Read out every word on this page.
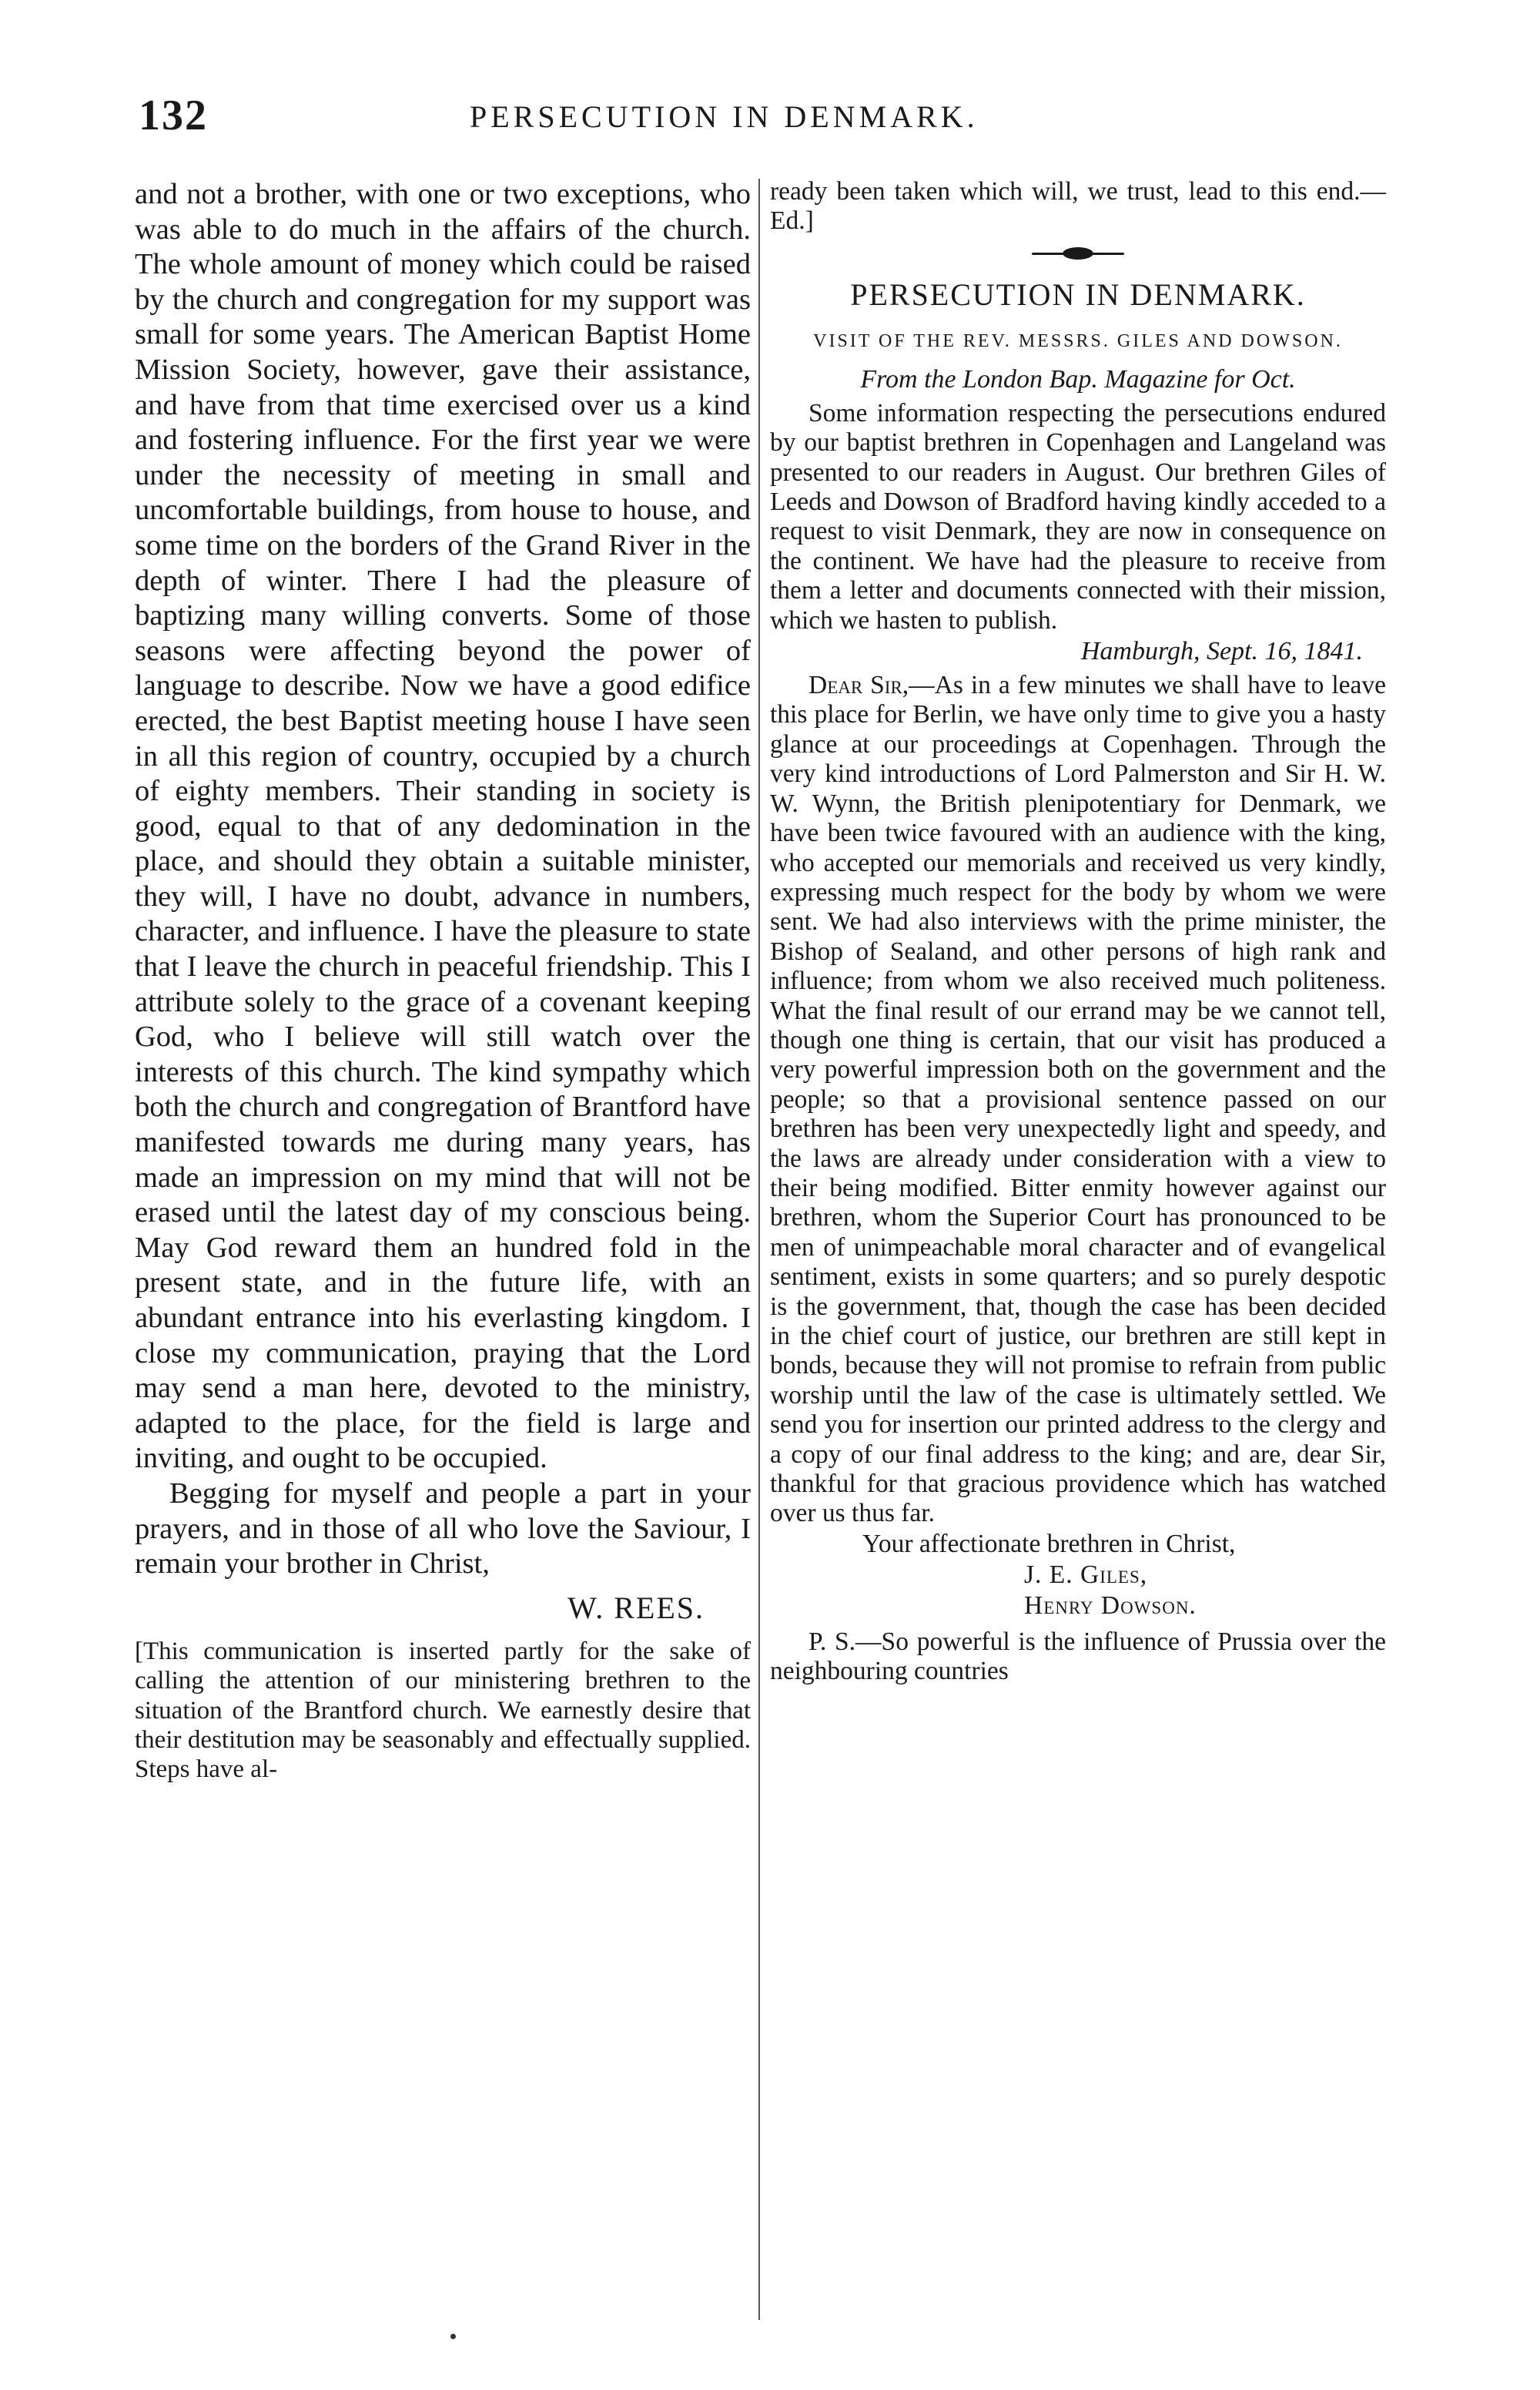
132	PERSECUTION IN DENMARK.

and not a brother, with one or two exceptions, who was able to do much in the affairs of the church. The whole amount of money which could be raised by the church and congregation for my support was small for some years. The American Baptist Home Mission Society, however, gave their assistance, and have from that time exercised over us a kind and fostering influence. For the first year we were under the necessity of meeting in small and uncomfortable buildings, from house to house, and some time on the borders of the Grand River in the depth of winter. There I had the pleasure of baptizing many willing converts. Some of those seasons were affecting beyond the power of language to describe. Now we have a good edifice erected, the best Baptist meeting house I have seen in all this region of country, occupied by a church of eighty members. Their standing in society is good, equal to that of any dedomination in the place, and should they obtain a suitable minister, they will, I have no doubt, advance in numbers, character, and influence. I have the pleasure to state that I leave the church in peaceful friendship. This I attribute solely to the grace of a covenant keeping God, who I believe will still watch over the interests of this church. The kind sympathy which both the church and congregation of Brantford have manifested towards me during many years, has made an impression on my mind that will not be erased until the latest day of my conscious being. May God reward them an hundred fold in the present state, and in the future life, with an abundant entrance into his everlasting kingdom. I close my communication, praying that the Lord may send a man here, devoted to the ministry, adapted to the place, for the field is large and inviting, and ought to be occupied.

Begging for myself and people a part in your prayers, and in those of all who love the Saviour, I remain your brother in Christ,

W. REES.

[This communication is inserted partly for the sake of calling the attention of our ministering brethren to the situation of the Brantford church. We earnestly desire that their destitution may be seasonably and effectually supplied. Steps have al-

ready been taken which will, we trust, lead to this end.—Ed.]

PERSECUTION IN DENMARK.
VISIT OF THE REV. MESSRS. GILES AND DOWSON.
From the London Bap. Magazine for Oct.

Some information respecting the persecutions endured by our baptist brethren in Copenhagen and Langeland was presented to our readers in August. Our brethren Giles of Leeds and Dowson of Bradford having kindly acceded to a request to visit Denmark, they are now in consequence on the continent. We have had the pleasure to receive from them a letter and documents connected with their mission, which we hasten to publish.

Hamburgh, Sept. 16, 1841.

Dear Sir,—As in a few minutes we shall have to leave this place for Berlin, we have only time to give you a hasty glance at our proceedings at Copenhagen. Through the very kind introductions of Lord Palmerston and Sir H. W. W. Wynn, the British plenipotentiary for Denmark, we have been twice favoured with an audience with the king, who accepted our memorials and received us very kindly, expressing much respect for the body by whom we were sent. We had also interviews with the prime minister, the Bishop of Sealand, and other persons of high rank and influence; from whom we also received much politeness. What the final result of our errand may be we cannot tell, though one thing is certain, that our visit has produced a very powerful impression both on the government and the people; so that a provisional sentence passed on our brethren has been very unexpectedly light and speedy, and the laws are already under consideration with a view to their being modified. Bitter enmity however against our brethren, whom the Superior Court has pronounced to be men of unimpeachable moral character and of evangelical sentiment, exists in some quarters; and so purely despotic is the government, that, though the case has been decided in the chief court of justice, our brethren are still kept in bonds, because they will not promise to refrain from public worship until the law of the case is ultimately settled. We send you for insertion our printed address to the clergy and a copy of our final address to the king; and are, dear Sir, thankful for that gracious providence which has watched over us thus far.

Your affectionate brethren in Christ,
J. E. Giles,
Henry Dowson.

P. S.—So powerful is the influence of Prussia over the neighbouring countries
